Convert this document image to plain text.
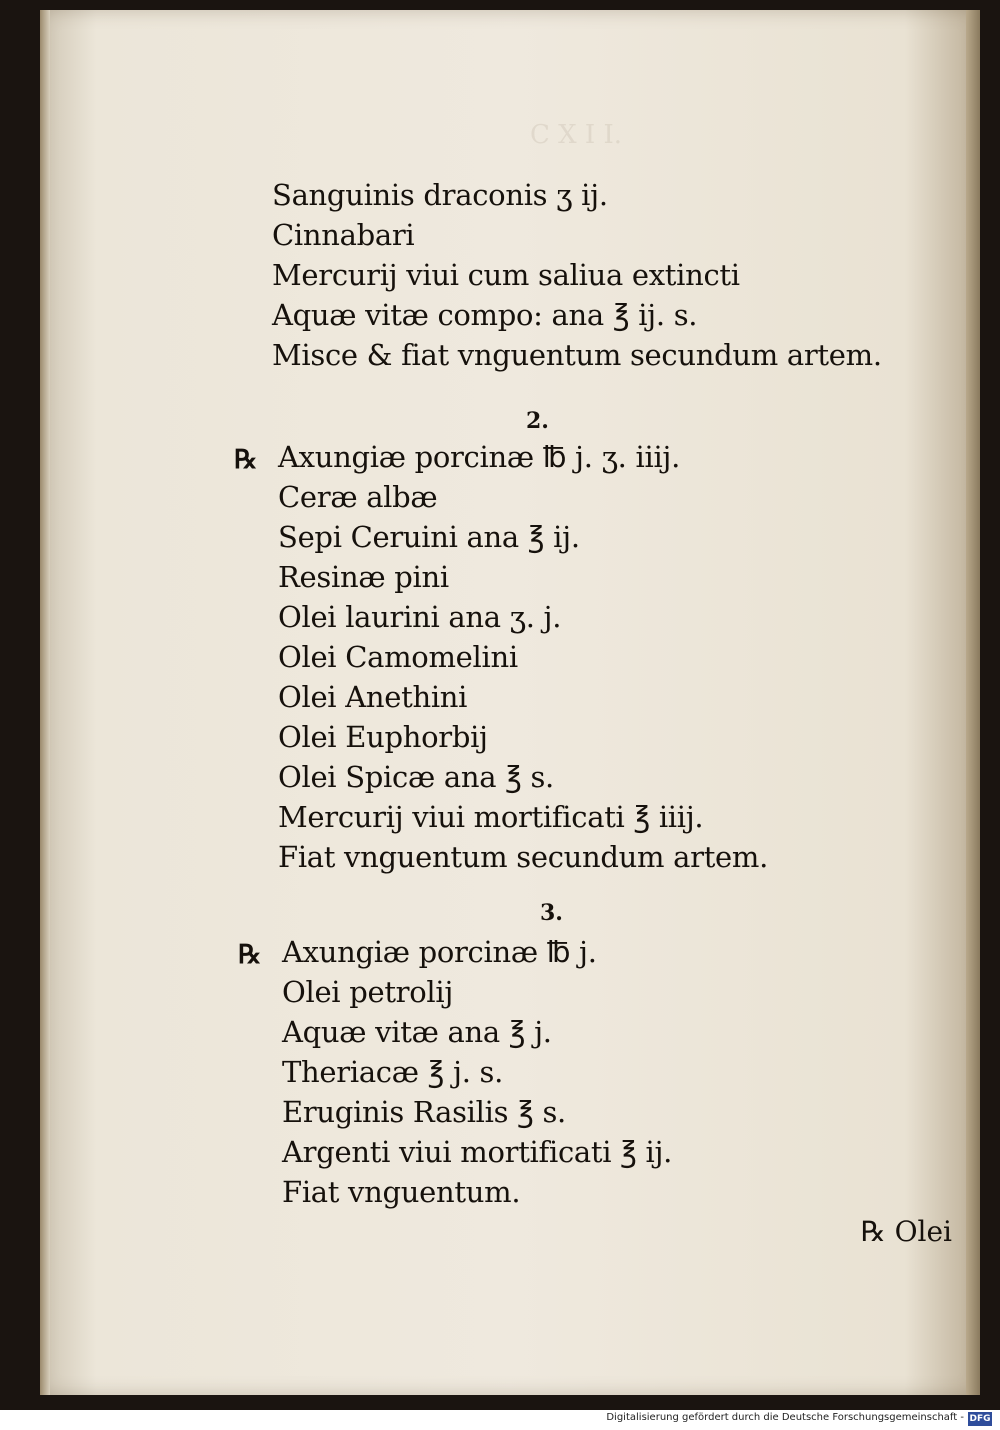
C X I I.
Sanguinis draconis ʒ ij.
Cinnabari
Mercurij viui cum saliua extincti
Aquæ vitæ compo: ana ℥ ij. s.
Misce & fiat vnguentum secundum artem.
2.
℞ Axungiæ porcinæ ℔ j. ʒ. iiij.
Ceræ albæ
Sepi Ceruini ana ℥ ij.
Resinæ pini
Olei laurini ana ʒ. j.
Olei Camomelini
Olei Anethini
Olei Euphorbij
Olei Spicæ ana ℥ s.
Mercurij viui mortificati ℥ iiij.
Fiat vnguentum secundum artem.
3.
℞ Axungiæ porcinæ ℔ j.
Olei petrolij
Aquæ vitæ ana ℥ j.
Theriacæ ℥ j. s.
Eruginis Rasilis ℥ s.
Argenti viui mortificati ℥ ij.
Fiat vnguentum.
℞ Olei
Digitalisierung gefördert durch die Deutsche Forschungsgemeinschaft - DFG
